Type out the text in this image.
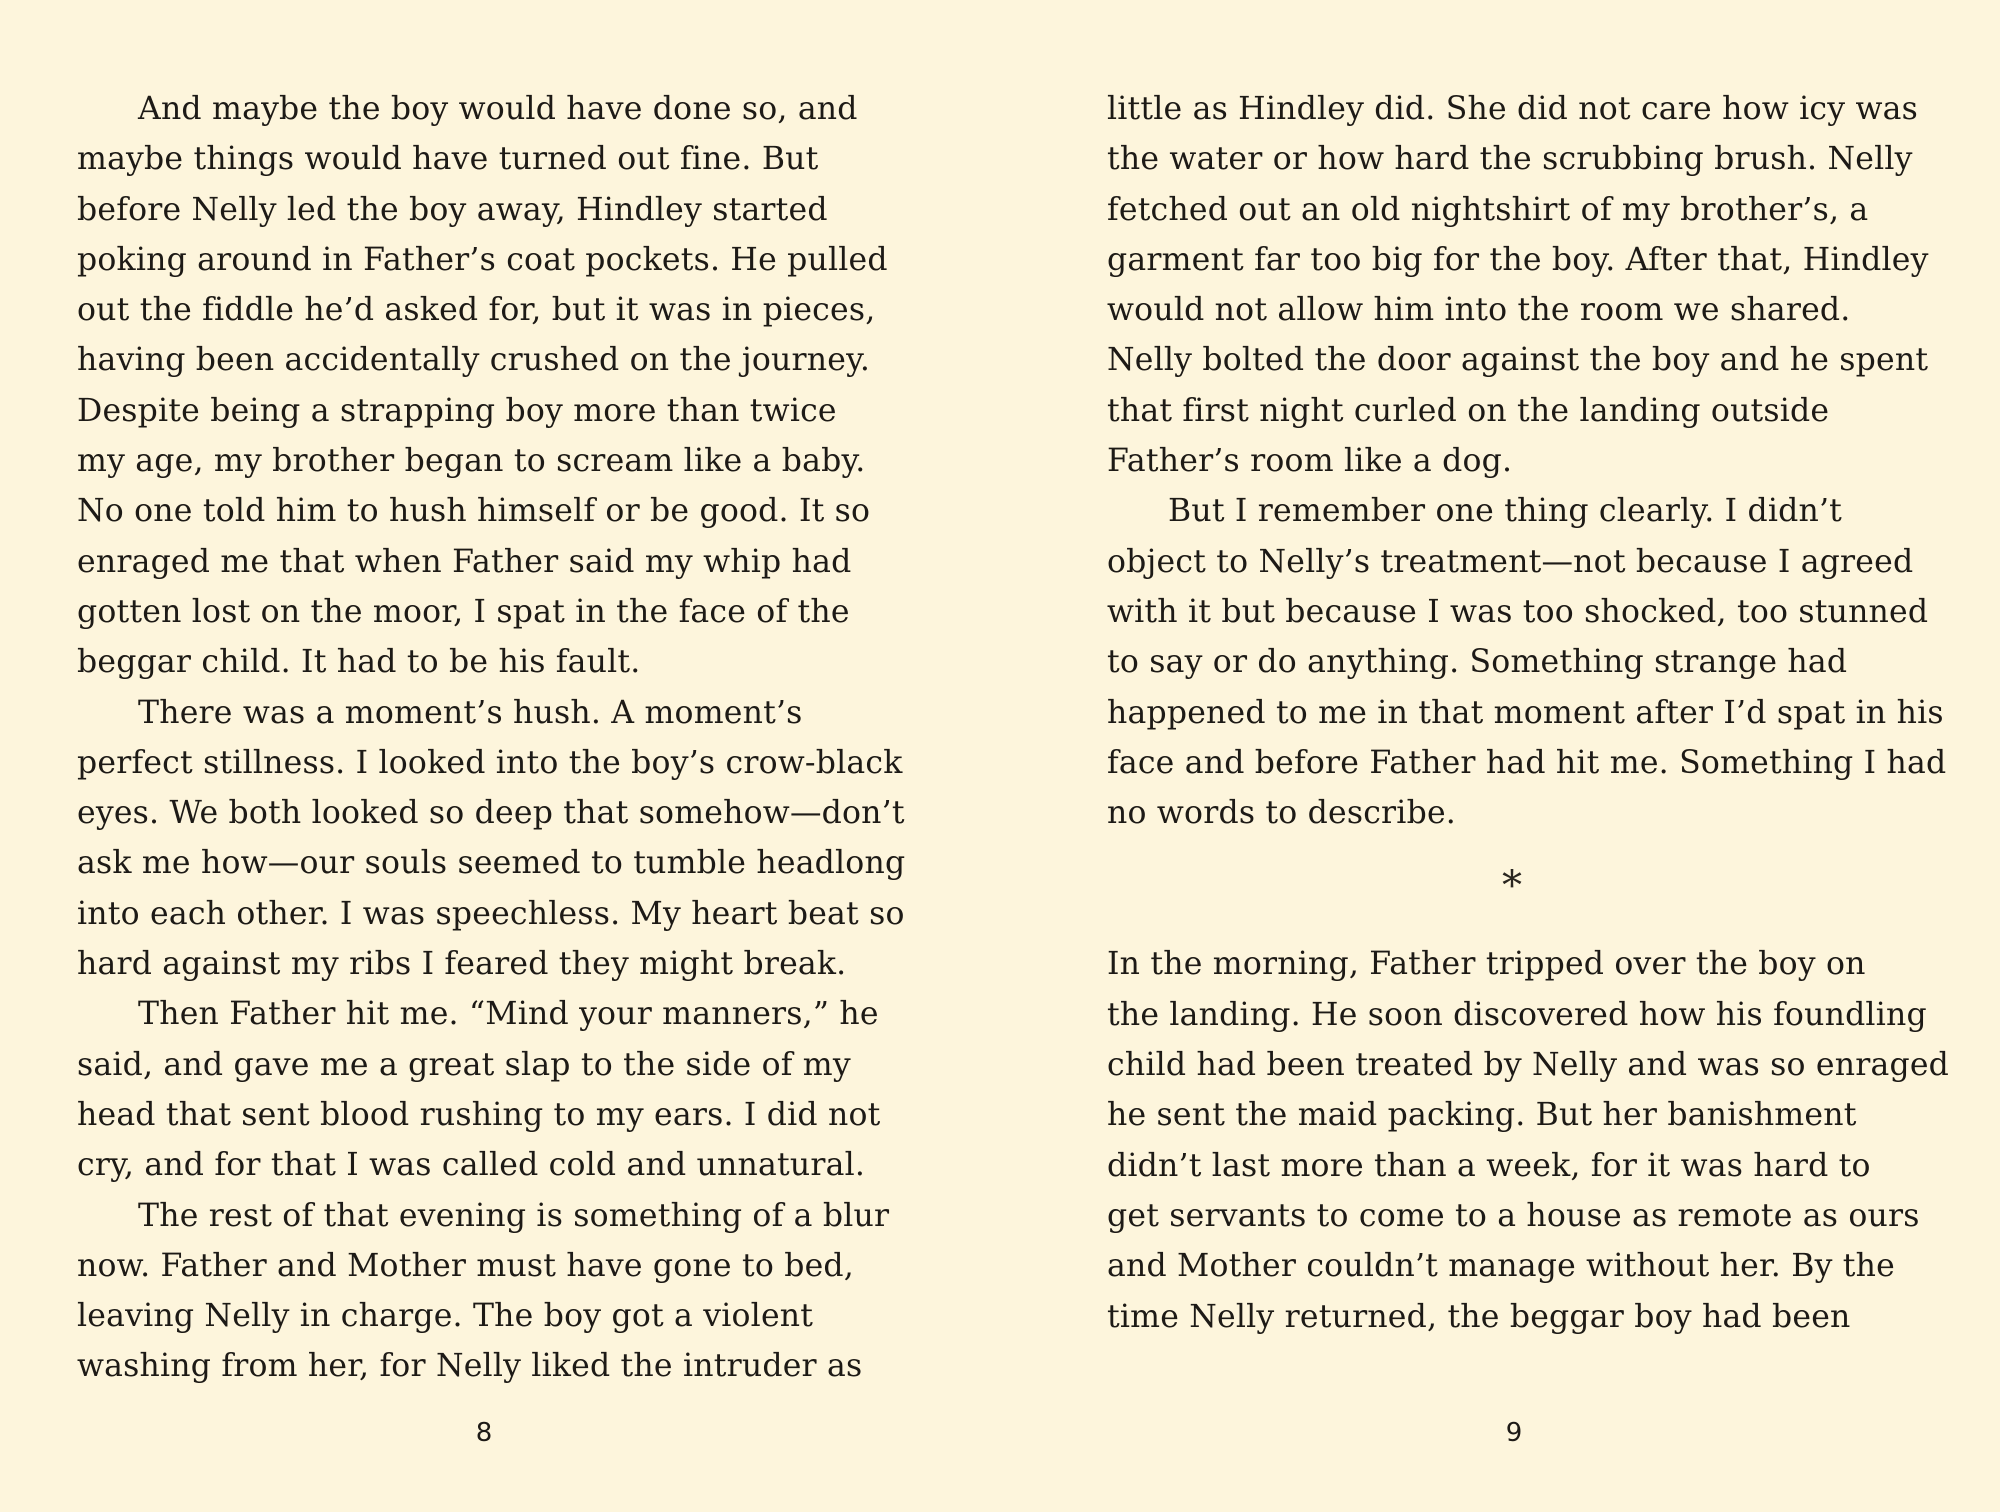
And maybe the boy would have done so, and
maybe things would have turned out fine. But
before Nelly led the boy away, Hindley started
poking around in Father’s coat pockets. He pulled
out the fiddle he’d asked for, but it was in pieces,
having been accidentally crushed on the journey.
Despite being a strapping boy more than twice
my age, my brother began to scream like a baby.
No one told him to hush himself or be good. It so
enraged me that when Father said my whip had
gotten lost on the moor, I spat in the face of the
beggar child. It had to be his fault.
There was a moment’s hush. A moment’s
perfect stillness. I looked into the boy’s crow-black
eyes. We both looked so deep that somehow—don’t
ask me how—our souls seemed to tumble headlong
into each other. I was speechless. My heart beat so
hard against my ribs I feared they might break.
Then Father hit me. “Mind your manners,” he
said, and gave me a great slap to the side of my
head that sent blood rushing to my ears. I did not
cry, and for that I was called cold and unnatural.
The rest of that evening is something of a blur
now. Father and Mother must have gone to bed,
leaving Nelly in charge. The boy got a violent
washing from her, for Nelly liked the intruder as
little as Hindley did. She did not care how icy was
the water or how hard the scrubbing brush. Nelly
fetched out an old nightshirt of my brother’s, a
garment far too big for the boy. After that, Hindley
would not allow him into the room we shared.
Nelly bolted the door against the boy and he spent
that first night curled on the landing outside
Father’s room like a dog.
But I remember one thing clearly. I didn’t
object to Nelly’s treatment—not because I agreed
with it but because I was too shocked, too stunned
to say or do anything. Something strange had
happened to me in that moment after I’d spat in his
face and before Father had hit me. Something I had
no words to describe.
*
In the morning, Father tripped over the boy on
the landing. He soon discovered how his foundling
child had been treated by Nelly and was so enraged
he sent the maid packing. But her banishment
didn’t last more than a week, for it was hard to
get servants to come to a house as remote as ours
and Mother couldn’t manage without her. By the
time Nelly returned, the beggar boy had been
8	9
